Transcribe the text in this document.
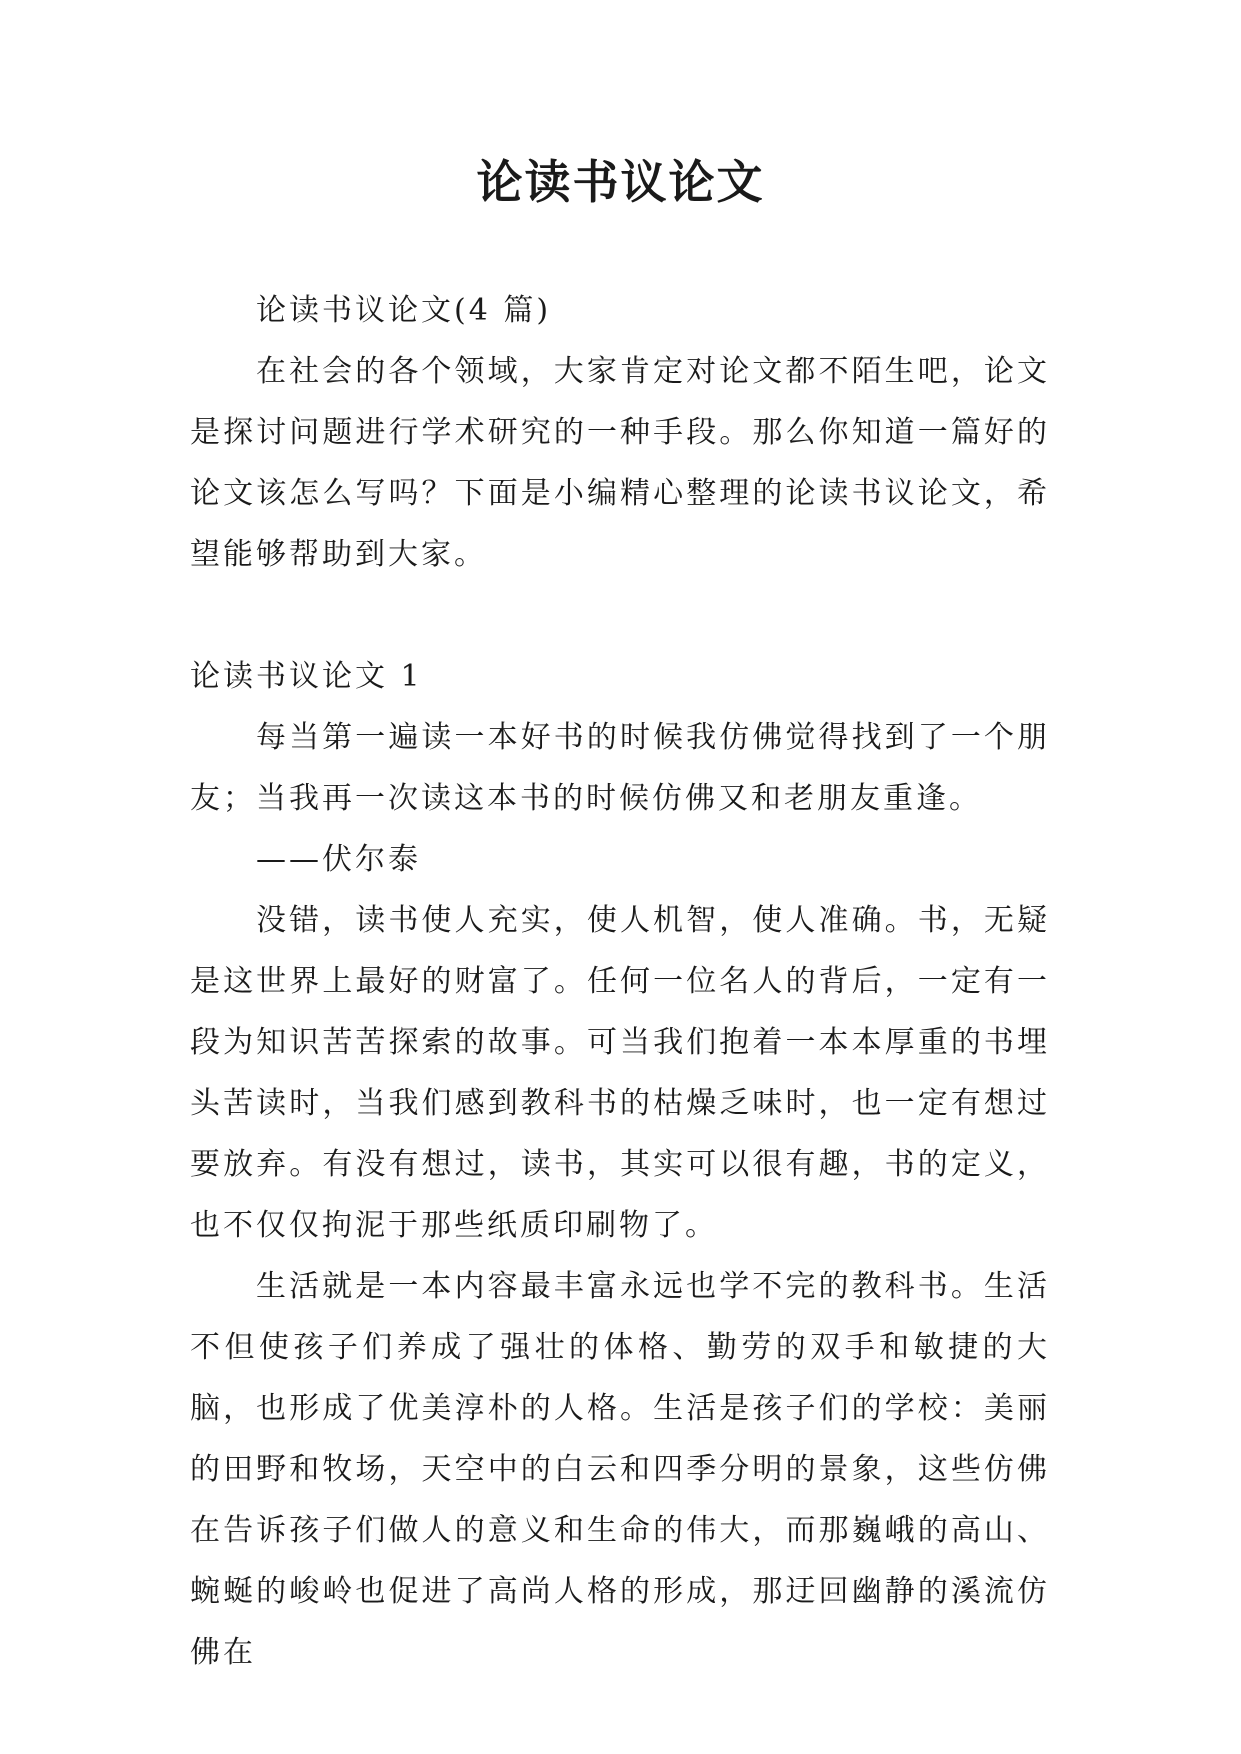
论读书议论文

论读书议论文(4 篇)

在社会的各个领域，大家肯定对论文都不陌生吧，论文是探讨问题进行学术研究的一种手段。那么你知道一篇好的论文该怎么写吗？下面是小编精心整理的论读书议论文，希望能够帮助到大家。

论读书议论文 1

每当第一遍读一本好书的时候我仿佛觉得找到了一个朋友；当我再一次读这本书的时候仿佛又和老朋友重逢。

——伏尔泰

没错，读书使人充实，使人机智，使人准确。书，无疑是这世界上最好的财富了。任何一位名人的背后，一定有一段为知识苦苦探索的故事。可当我们抱着一本本厚重的书埋头苦读时，当我们感到教科书的枯燥乏味时，也一定有想过要放弃。有没有想过，读书，其实可以很有趣，书的定义，也不仅仅拘泥于那些纸质印刷物了。

生活就是一本内容最丰富永远也学不完的教科书。生活不但使孩子们养成了强壮的体格、勤劳的双手和敏捷的大脑，也形成了优美淳朴的人格。生活是孩子们的学校：美丽的田野和牧场，天空中的白云和四季分明的景象，这些仿佛在告诉孩子们做人的意义和生命的伟大，而那巍峨的高山、蜿蜒的峻岭也促进了高尚人格的形成，那迂回幽静的溪流仿佛在
